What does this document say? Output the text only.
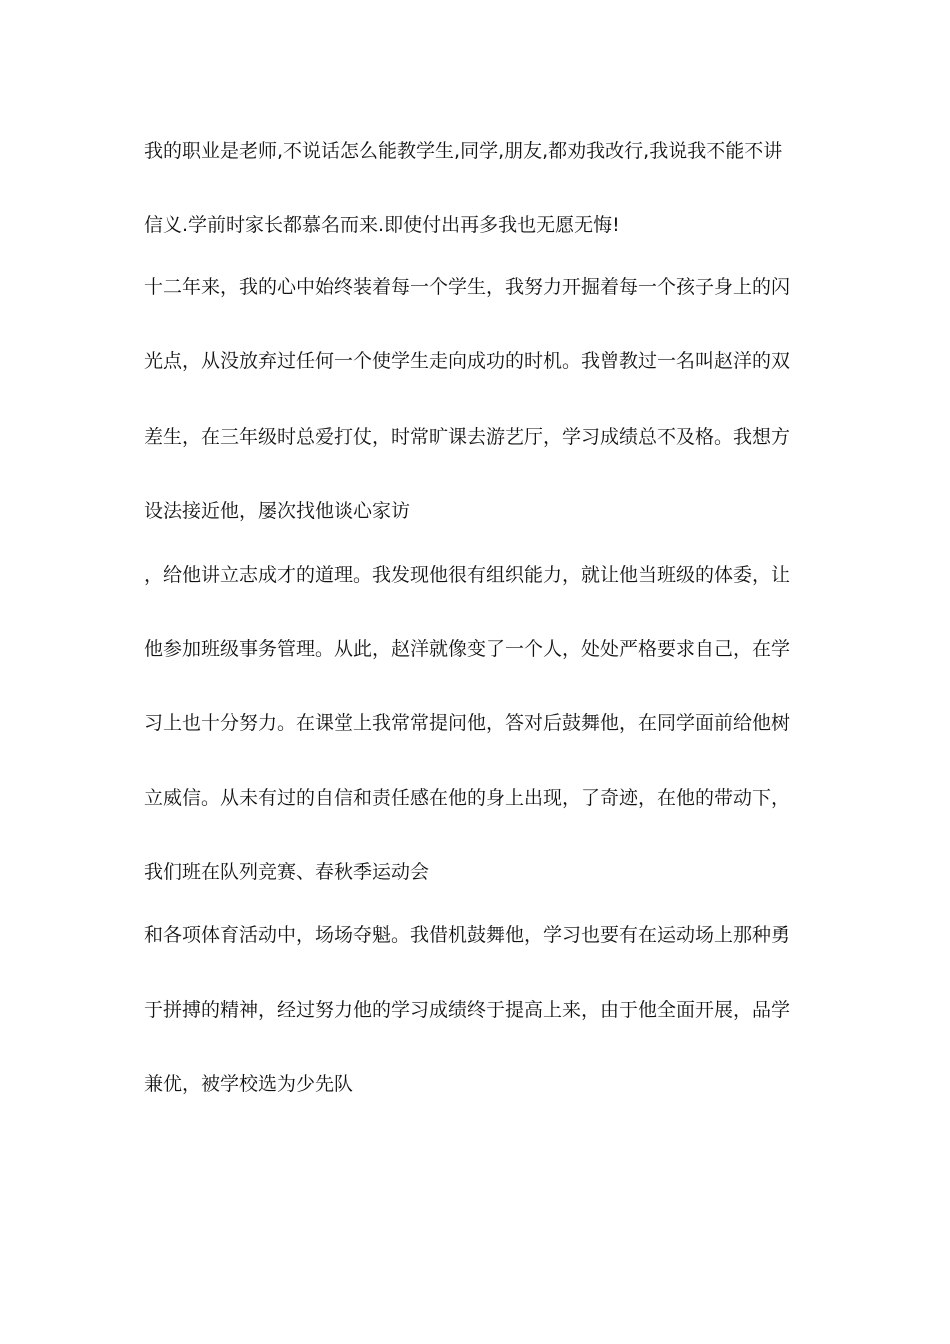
我的职业是老师,不说话怎么能教学生,同学,朋友,都劝我改行,我说我不能不讲
信义.学前时家长都慕名而来.即使付出再多我也无愿无悔!
十二年来，我的心中始终装着每一个学生，我努力开掘着每一个孩子身上的闪
光点，从没放弃过任何一个使学生走向成功的时机。我曾教过一名叫赵洋的双
差生，在三年级时总爱打仗，时常旷课去游艺厅，学习成绩总不及格。我想方
设法接近他，屡次找他谈心家访
，给他讲立志成才的道理。我发现他很有组织能力，就让他当班级的体委，让
他参加班级事务管理。从此，赵洋就像变了一个人，处处严格要求自己，在学
习上也十分努力。在课堂上我常常提问他，答对后鼓舞他，在同学面前给他树
立威信。从未有过的自信和责任感在他的身上出现，了奇迹，在他的带动下，
我们班在队列竞赛、春秋季运动会
和各项体育活动中，场场夺魁。我借机鼓舞他，学习也要有在运动场上那种勇
于拼搏的精神，经过努力他的学习成绩终于提高上来，由于他全面开展，品学
兼优，被学校选为少先队
